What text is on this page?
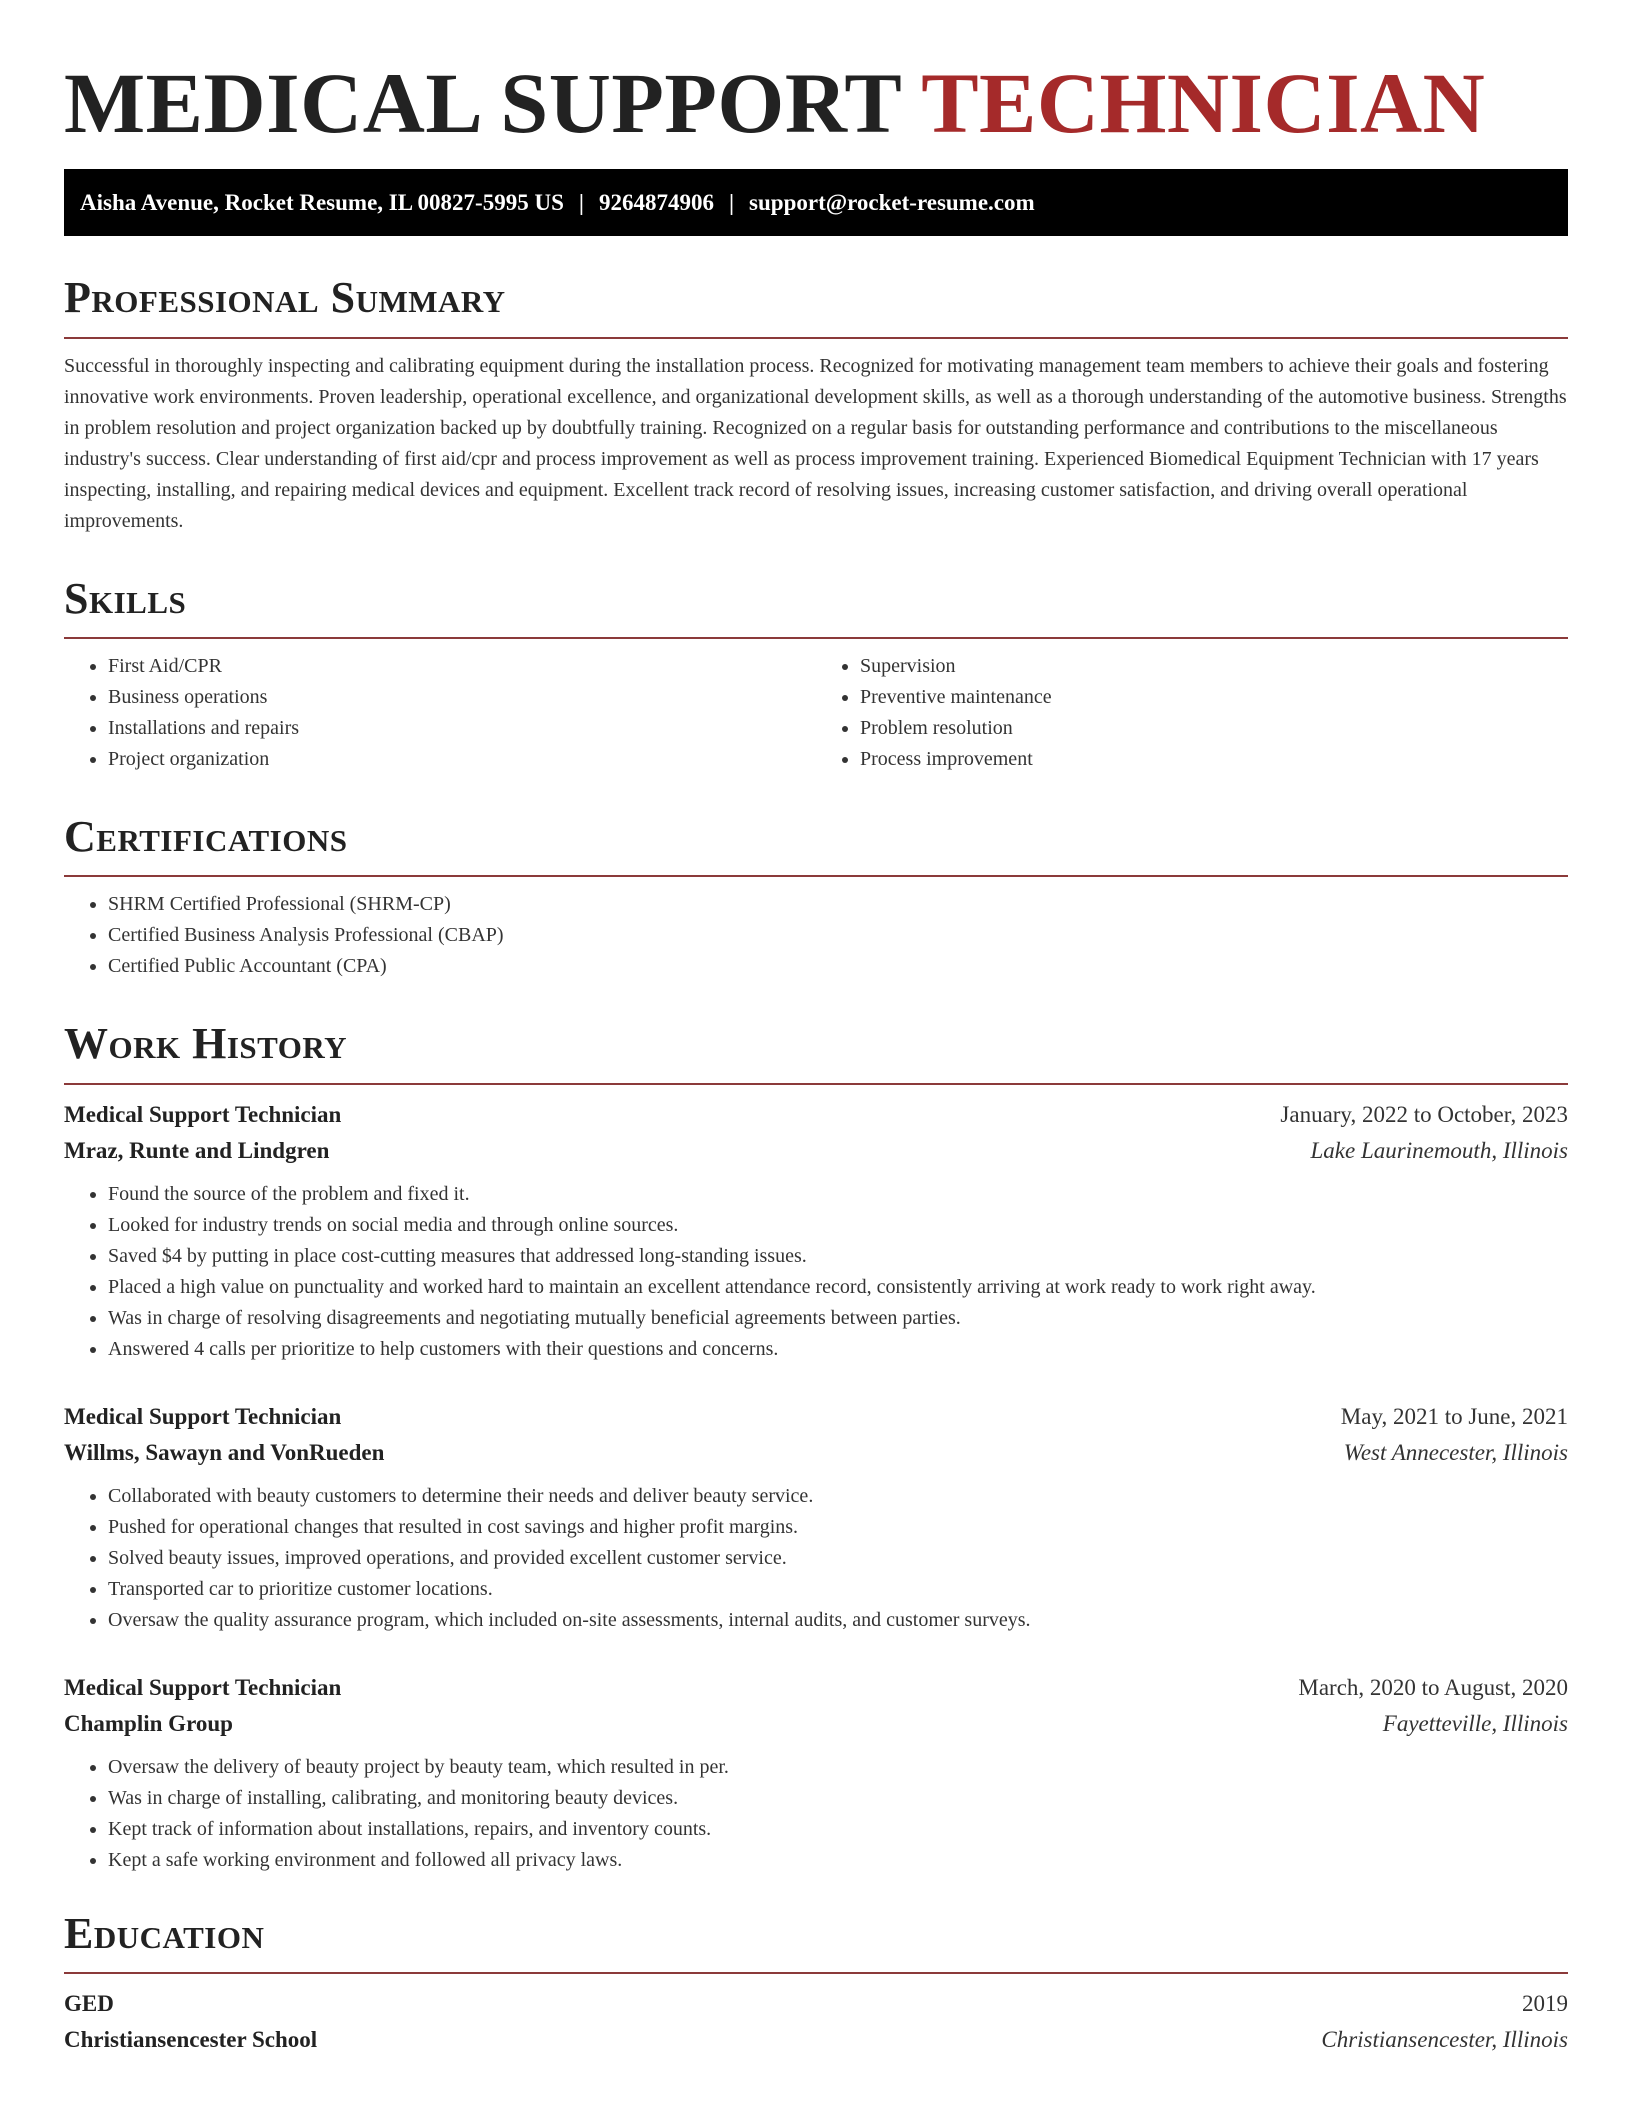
MEDICAL SUPPORT TECHNICIAN
Aisha Avenue, Rocket Resume, IL 00827-5995 US | 9264874906 | support@rocket-resume.com
Professional Summary

Successful in thoroughly inspecting and calibrating equipment during the installation process. Recognized for motivating management team members to achieve their goals and fostering innovative work environments. Proven leadership, operational excellence, and organizational development skills, as well as a thorough understanding of the automotive business. Strengths in problem resolution and project organization backed up by doubtfully training. Recognized on a regular basis for outstanding performance and contributions to the miscellaneous industry's success. Clear understanding of first aid/cpr and process improvement as well as process improvement training. Experienced Biomedical Equipment Technician with 17 years inspecting, installing, and repairing medical devices and equipment. Excellent track record of resolving issues, increasing customer satisfaction, and driving overall operational improvements.

Skills
• First Aid/CPR
• Business operations
• Installations and repairs
• Project organization
• Supervision
• Preventive maintenance
• Problem resolution
• Process improvement
Certifications
• SHRM Certified Professional (SHRM-CP)
• Certified Business Analysis Professional (CBAP)
• Certified Public Accountant (CPA)
Work History
Medical Support Technician	January, 2022 to October, 2023
Mraz, Runte and Lindgren	Lake Laurinemouth, Illinois
• Found the source of the problem and fixed it.
• Looked for industry trends on social media and through online sources.
• Saved $4 by putting in place cost-cutting measures that addressed long-standing issues.
• Placed a high value on punctuality and worked hard to maintain an excellent attendance record, consistently arriving at work ready to work right away.
• Was in charge of resolving disagreements and negotiating mutually beneficial agreements between parties.
• Answered 4 calls per prioritize to help customers with their questions and concerns.
Medical Support Technician	May, 2021 to June, 2021
Willms, Sawayn and VonRueden	West Annecester, Illinois
• Collaborated with beauty customers to determine their needs and deliver beauty service.
• Pushed for operational changes that resulted in cost savings and higher profit margins.
• Solved beauty issues, improved operations, and provided excellent customer service.
• Transported car to prioritize customer locations.
• Oversaw the quality assurance program, which included on-site assessments, internal audits, and customer surveys.
Medical Support Technician	March, 2020 to August, 2020
Champlin Group	Fayetteville, Illinois
• Oversaw the delivery of beauty project by beauty team, which resulted in per.
• Was in charge of installing, calibrating, and monitoring beauty devices.
• Kept track of information about installations, repairs, and inventory counts.
• Kept a safe working environment and followed all privacy laws.
Education
GED	2019
Christiansencester School	Christiansencester, Illinois
